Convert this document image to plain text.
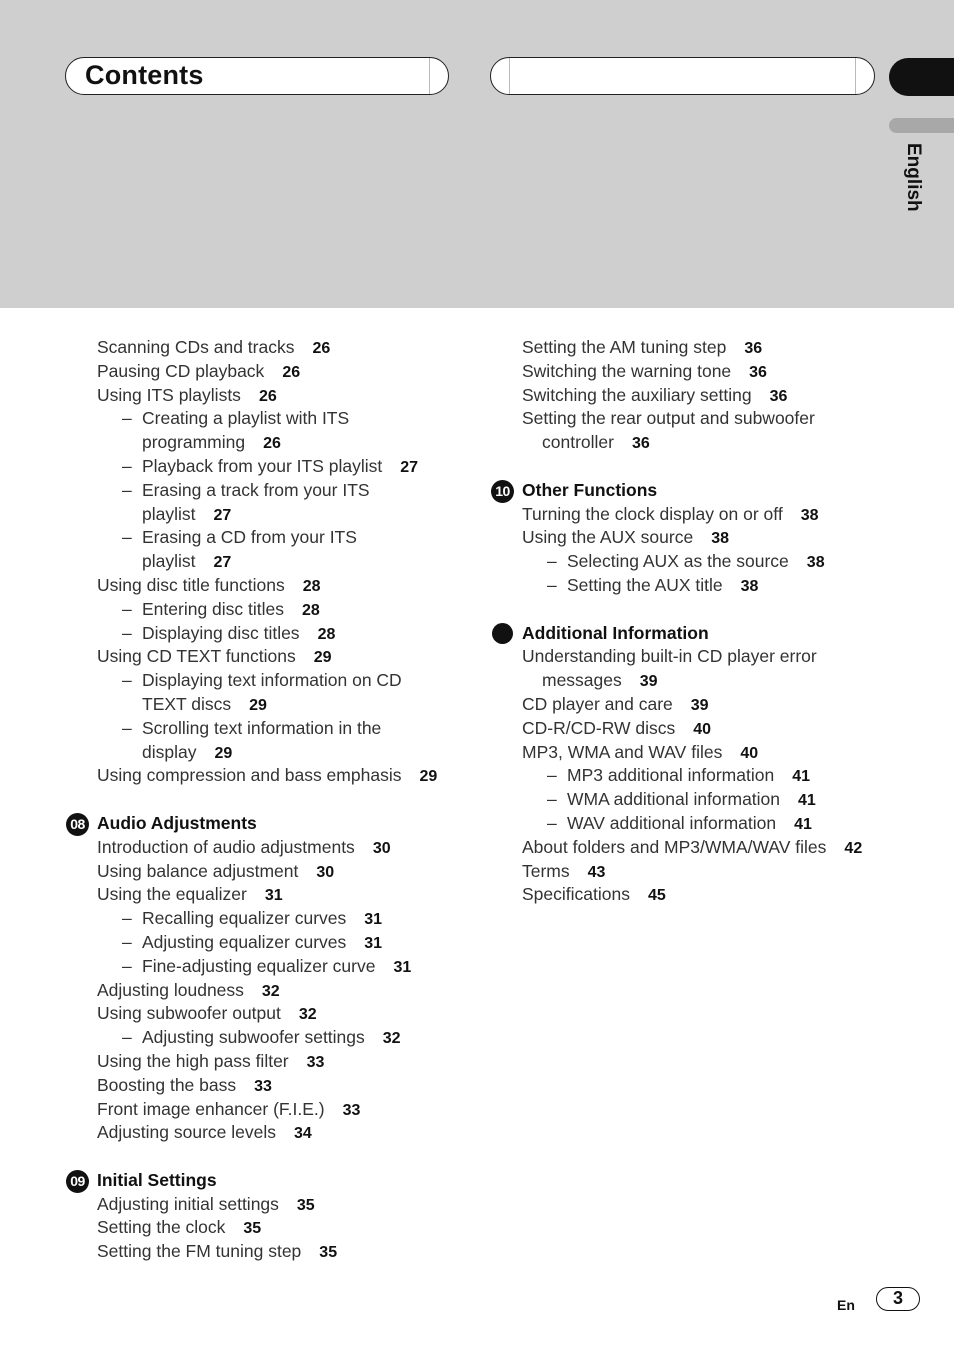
Contents
English
Scanning CDs and tracks 26
Pausing CD playback 26
Using ITS playlists 26
– Creating a playlist with ITS
programming 26
– Playback from your ITS playlist 27
– Erasing a track from your ITS
playlist 27
– Erasing a CD from your ITS
playlist 27
Using disc title functions 28
– Entering disc titles 28
– Displaying disc titles 28
Using CD TEXT functions 29
– Displaying text information on CD
TEXT discs 29
– Scrolling text information in the
display 29
Using compression and bass emphasis 29
08 Audio Adjustments
Introduction of audio adjustments 30
Using balance adjustment 30
Using the equalizer 31
– Recalling equalizer curves 31
– Adjusting equalizer curves 31
– Fine-adjusting equalizer curve 31
Adjusting loudness 32
Using subwoofer output 32
– Adjusting subwoofer settings 32
Using the high pass filter 33
Boosting the bass 33
Front image enhancer (F.I.E.) 33
Adjusting source levels 34
09 Initial Settings
Adjusting initial settings 35
Setting the clock 35
Setting the FM tuning step 35
Setting the AM tuning step 36
Switching the warning tone 36
Switching the auxiliary setting 36
Setting the rear output and subwoofer
controller 36
10 Other Functions
Turning the clock display on or off 38
Using the AUX source 38
– Selecting AUX as the source 38
– Setting the AUX title 38
Additional Information
Understanding built-in CD player error
messages 39
CD player and care 39
CD-R/CD-RW discs 40
MP3, WMA and WAV files 40
– MP3 additional information 41
– WMA additional information 41
– WAV additional information 41
About folders and MP3/WMA/WAV files 42
Terms 43
Specifications 45
En	3
